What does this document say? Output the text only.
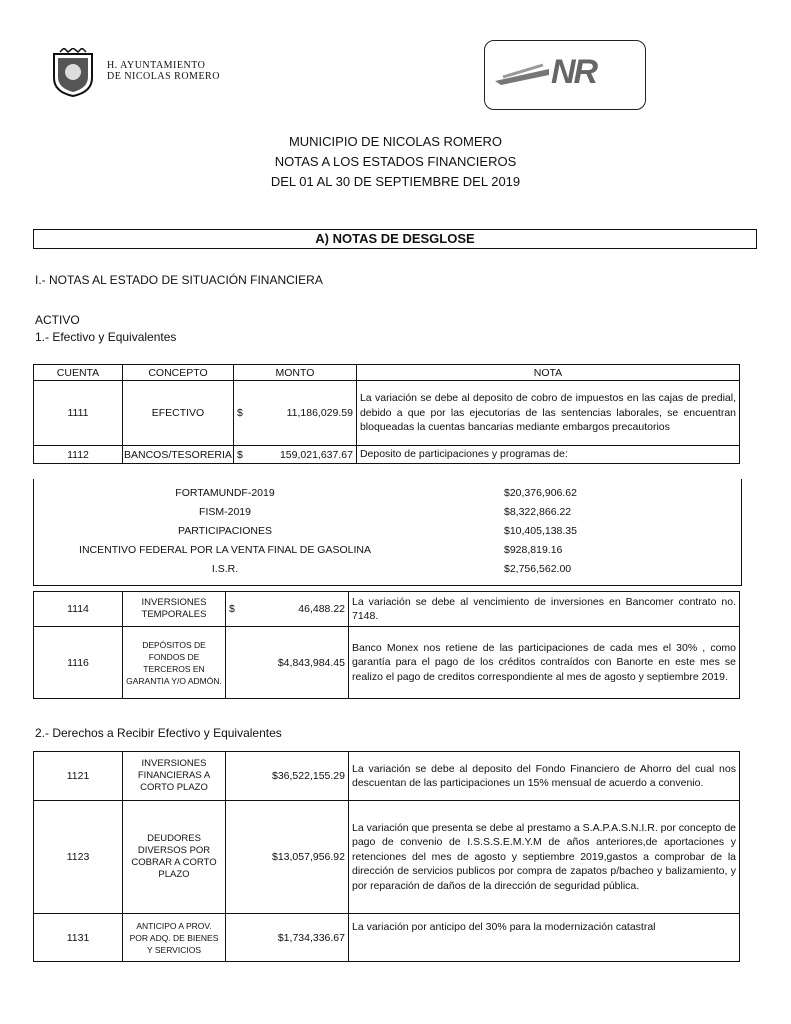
H. AYUNTAMIENTO
DE NICOLAS ROMERO	NR
MUNICIPIO DE NICOLAS ROMERO
NOTAS A LOS ESTADOS FINANCIEROS
DEL 01 AL 30 DE SEPTIEMBRE DEL 2019
A) NOTAS DE DESGLOSE
I.- NOTAS AL ESTADO DE SITUACIÓN FINANCIERA
ACTIVO
1.- Efectivo y Equivalentes
CUENTA	CONCEPTO	MONTO	NOTA
1111	EFECTIVO	$ 11,186,029.59	La variación se debe al deposito de cobro de impuestos en las cajas de predial, debido a que por las ejecutorias de las sentencias laborales, se encuentran bloqueadas la cuentas bancarias mediante embargos precautorios
1112	BANCOS/TESORERIA	$ 159,021,637.67	Deposito de participaciones y programas de:
FORTAMUNDF-2019	$20,376,906.62
FISM-2019	$8,322,866.22
PARTICIPACIONES	$10,405,138.35
INCENTIVO FEDERAL POR LA VENTA FINAL DE GASOLINA	$928,819.16
I.S.R.	$2,756,562.00
1114	INVERSIONES TEMPORALES	$ 46,488.22	La variación se debe al vencimiento de inversiones en Bancomer contrato no. 7148.
1116	DEPÓSITOS DE FONDOS DE TERCEROS EN GARANTIA Y/O ADMÓN.	$4,843,984.45	Banco Monex nos retiene de las participaciones de cada mes el 30% , como garantía para el pago de los créditos contraídos con Banorte en este mes se realizo el pago de creditos correspondiente al mes de agosto y septiembre 2019.
2.- Derechos a Recibir Efectivo y Equivalentes
1121	INVERSIONES FINANCIERAS A CORTO PLAZO	$36,522,155.29	La variación se debe al deposito del Fondo Financiero de Ahorro del cual nos descuentan de las participaciones un 15% mensual de acuerdo a convenio.
1123	DEUDORES DIVERSOS POR COBRAR A CORTO PLAZO	$13,057,956.92	La variación que presenta se debe al prestamo a S.A.P.A.S.N.I.R. por concepto de pago de convenio de I.S.S.S.E.M.Y.M de años anteriores,de aportaciones y retenciones del mes de agosto y septiembre 2019,gastos a comprobar de la dirección de servicios publicos por compra de zapatos p/bacheo y balizamiento, y por reparación de daños de la dirección de seguridad pública.
1131	ANTICIPO A PROV. POR ADQ. DE BIENES Y SERVICIOS	$1,734,336.67	La variación por anticipo del 30% para la modernización catastral
